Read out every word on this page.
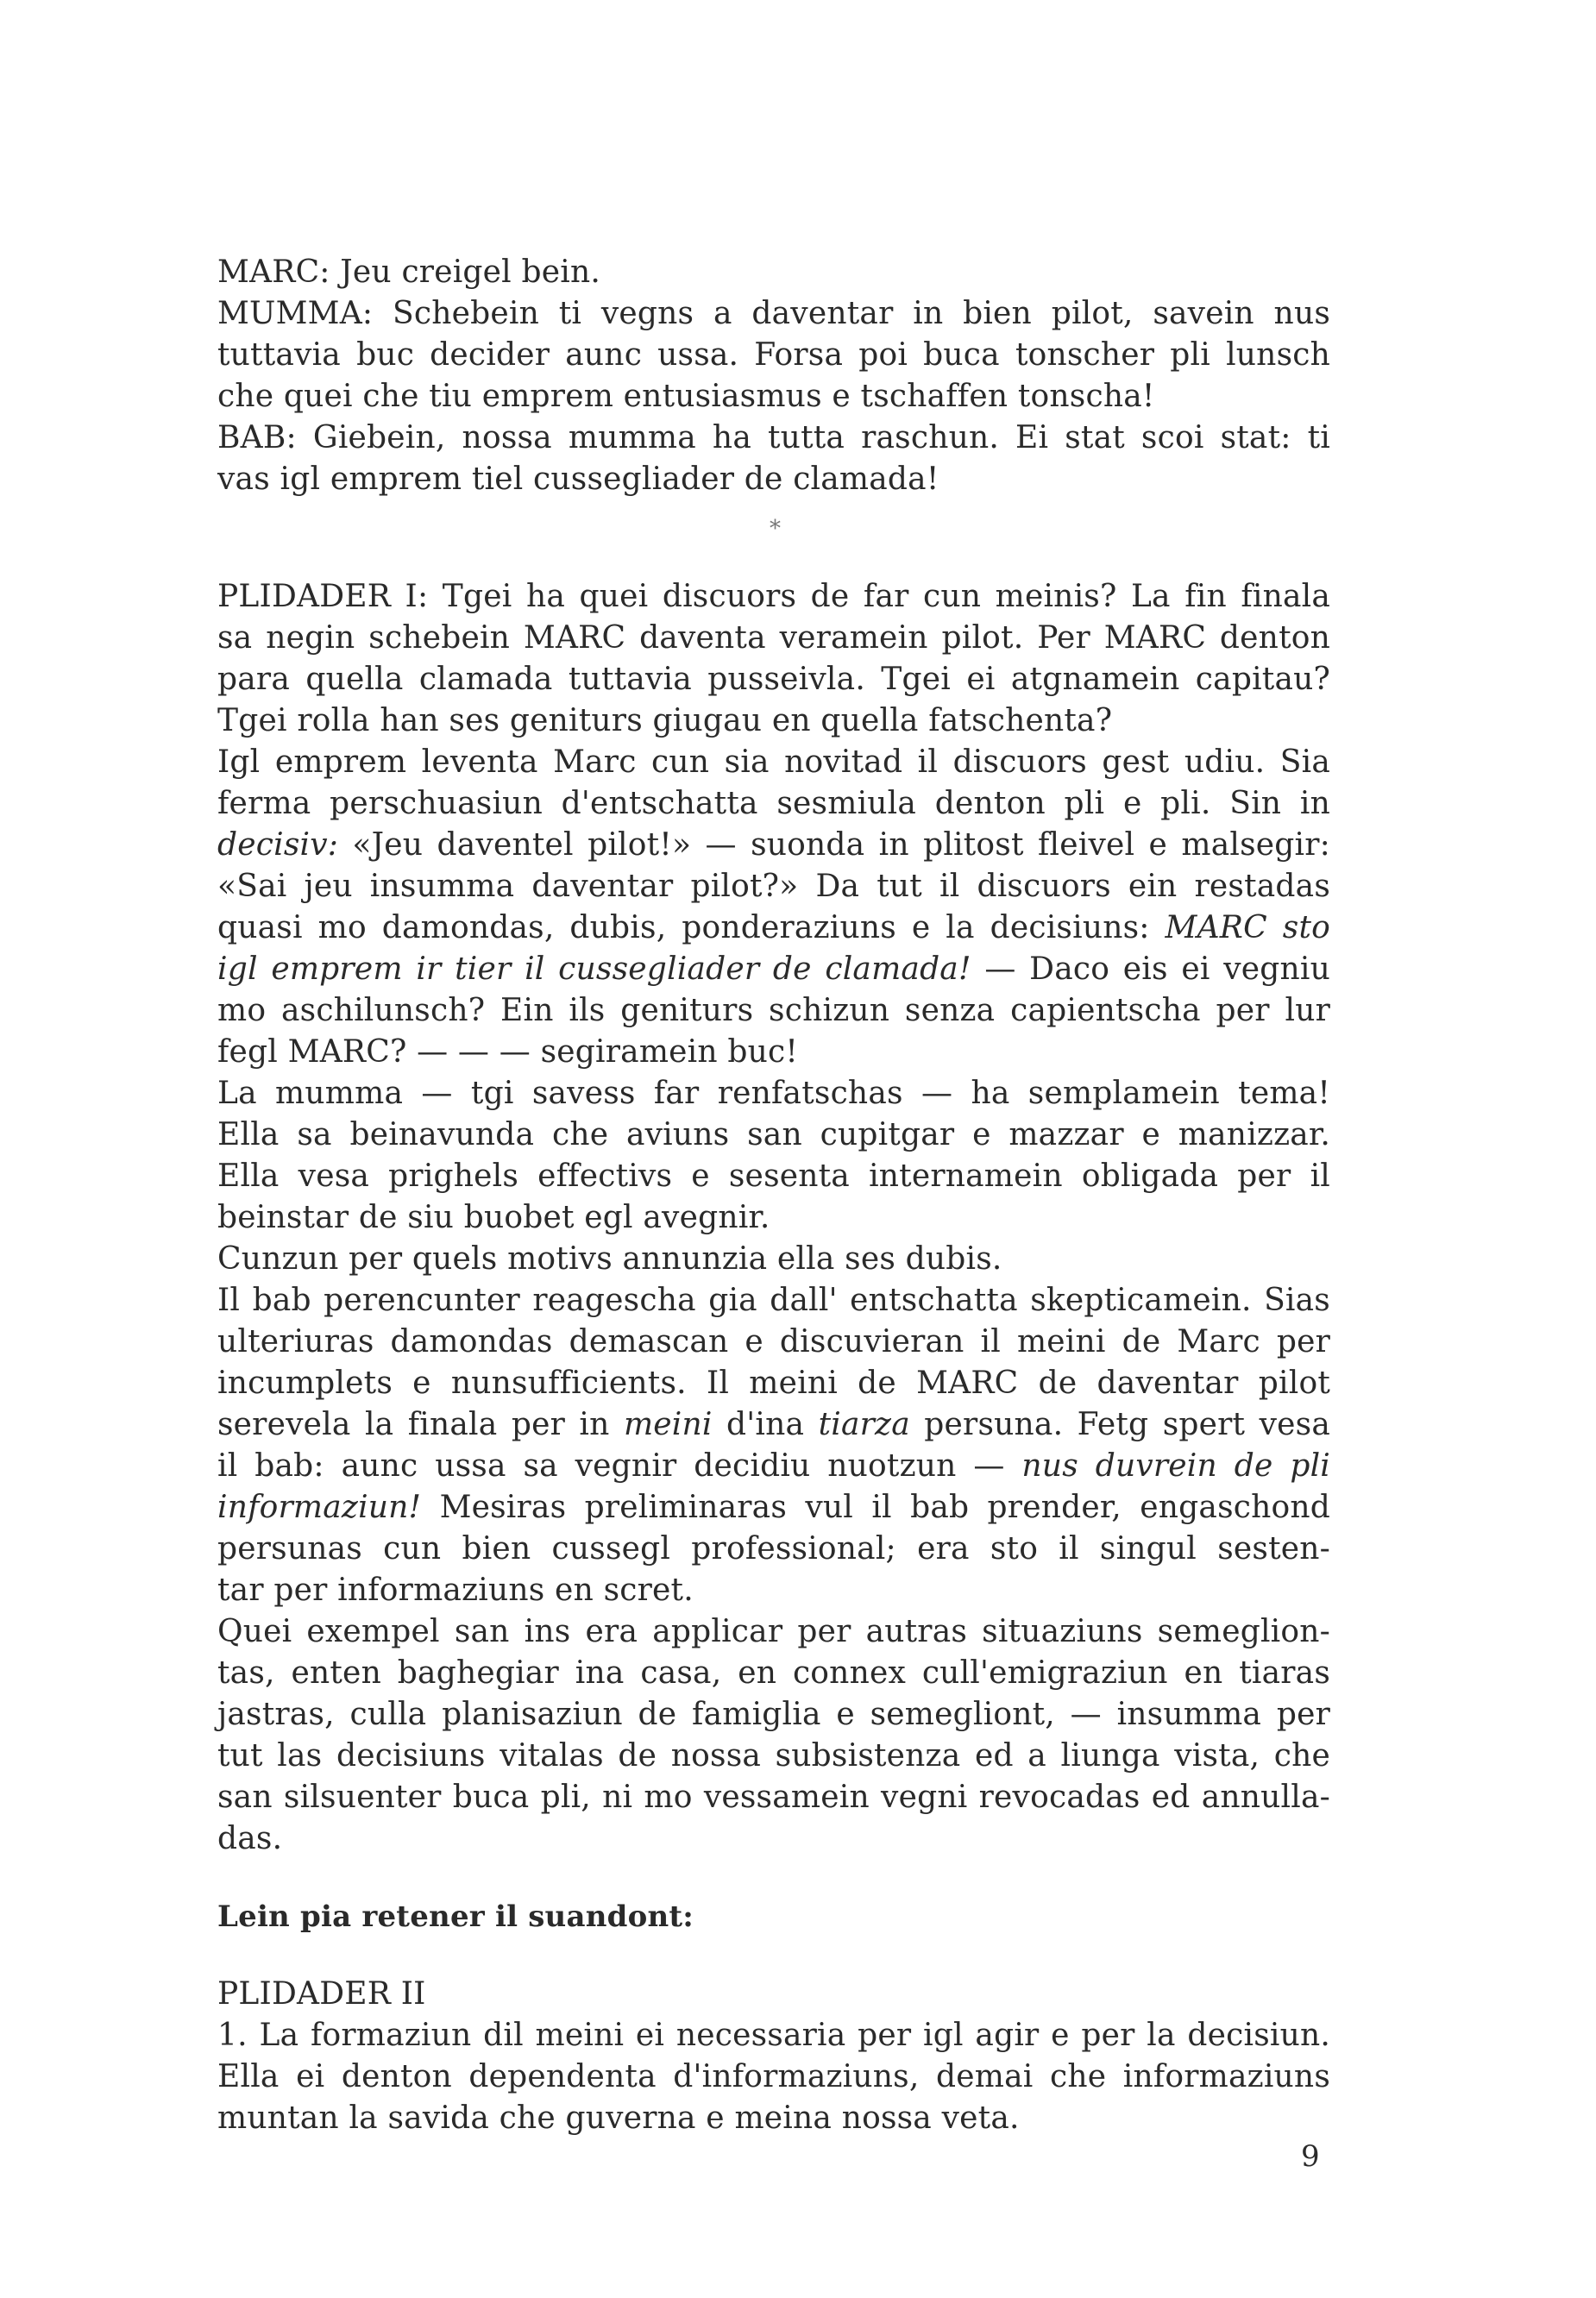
MARC: Jeu creigel bein.
MUMMA: Schebein ti vegns a daventar in bien pilot, savein nus
tuttavia buc decider aunc ussa. Forsa poi buca tonscher pli lunsch
che quei che tiu emprem entusiasmus e tschaffen tonscha!
BAB: Giebein, nossa mumma ha tutta raschun. Ei stat scoi stat: ti
vas igl emprem tiel cussegliader de clamada!
*
PLIDADER I: Tgei ha quei discuors de far cun meinis? La fin finala
sa negin schebein MARC daventa veramein pilot. Per MARC denton
para quella clamada tuttavia pusseivla. Tgei ei atgnamein capitau?
Tgei rolla han ses geniturs giugau en quella fatschenta?
Igl emprem leventa Marc cun sia novitad il discuors gest udiu. Sia
ferma perschuasiun d'entschatta sesmiula denton pli e pli. Sin in
decisiv: «Jeu daventel pilot!» — suonda in plitost fleivel e malsegir:
«Sai jeu insumma daventar pilot?» Da tut il discuors ein restadas
quasi mo damondas, dubis, ponderaziuns e la decisiuns: MARC sto
igl emprem ir tier il cussegliader de clamada! — Daco eis ei vegniu
mo aschilunsch? Ein ils geniturs schizun senza capientscha per lur
fegl MARC? — — — segiramein buc!
La mumma — tgi savess far renfatschas — ha semplamein tema!
Ella sa beinavunda che aviuns san cupitgar e mazzar e manizzar.
Ella vesa prighels effectivs e sesenta internamein obligada per il
beinstar de siu buobet egl avegnir.
Cunzun per quels motivs annunzia ella ses dubis.
Il bab perencunter reagescha gia dall' entschatta skepticamein. Sias
ulteriuras damondas demascan e discuvieran il meini de Marc per
incumplets e nunsufficients. Il meini de MARC de daventar pilot
serevela la finala per in meini d'ina tiarza persuna. Fetg spert vesa
il bab: aunc ussa sa vegnir decidiu nuotzun — nus duvrein de pli
informaziun! Mesiras preliminaras vul il bab prender, engaschond
persunas cun bien cussegl professional; era sto il singul sesten-
tar per informaziuns en scret.
Quei exempel san ins era applicar per autras situaziuns semeglion-
tas, enten baghegiar ina casa, en connex cull'emigraziun en tiaras
jastras, culla planisaziun de famiglia e semegliont, — insumma per
tut las decisiuns vitalas de nossa subsistenza ed a liunga vista, che
san silsuenter buca pli, ni mo vessamein vegni revocadas ed annulla-
das.
Lein pia retener il suandont:
PLIDADER II
1. La formaziun dil meini ei necessaria per igl agir e per la decisiun.
Ella ei denton dependenta d'informaziuns, demai che informaziuns
muntan la savida che guverna e meina nossa veta.
9
